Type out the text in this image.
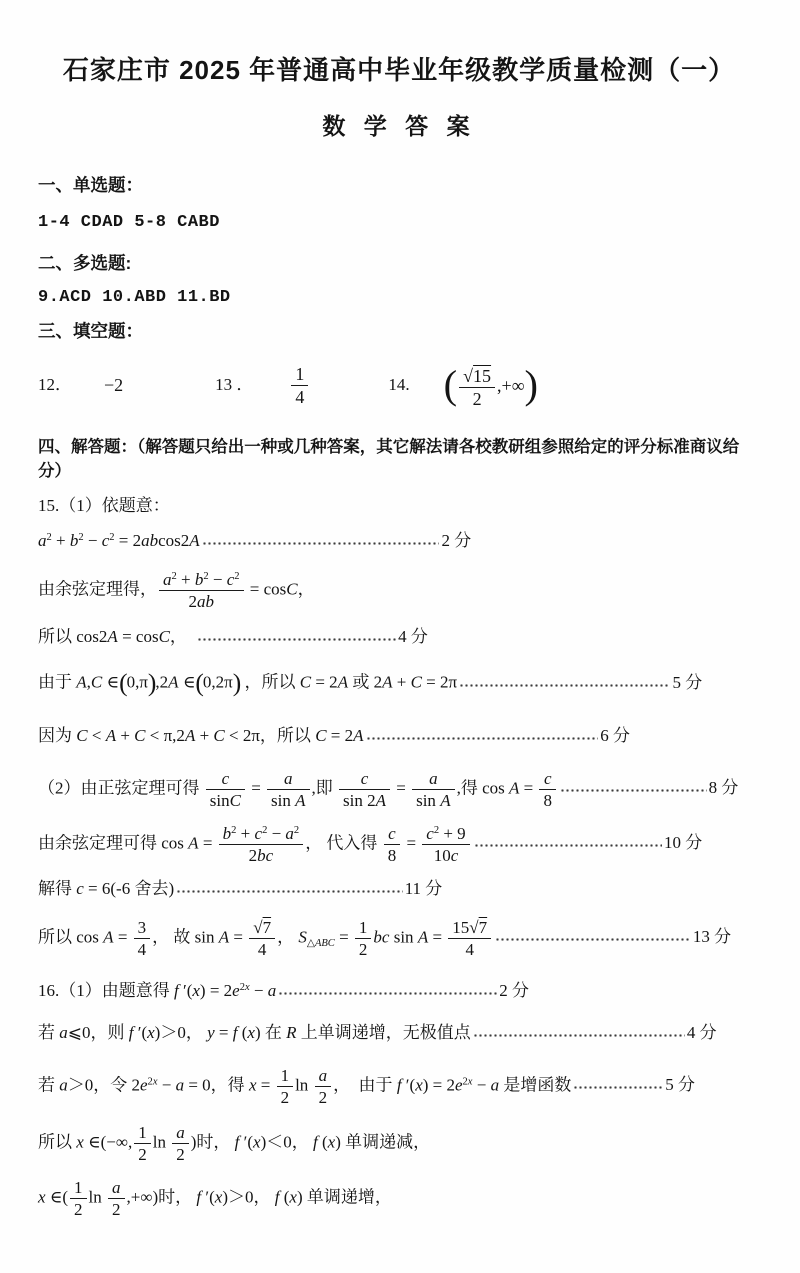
石家庄市 2025 年普通高中毕业年级教学质量检测（一）
数 学 答 案
一、单选题：
1-4 CDAD 5-8 CABD
二、多选题:
9.ACD 10.ABD 11.BD
三、填空题：
12． −2	13 ． $\frac{1}{4}$	14. ( $\frac{√15}{2}$ ,+∞)
四、解答题：（解答题只给出一种或几种答案，其它解法请各校教研组参照给定的评分标准商议给分）
15.（1）依题意：
$a^2 + b^2 - c^2 = 2abcos2A$	2 分
由余弦定理得， $\frac{a^2 + b^2 - c^2}{2ab} = \cos C$，
所以 cos2A = cosC，	4 分
由于 A,C ∈(0,π),2A ∈(0,2π) ，所以 C = 2A 或 2A + C = 2π	5 分
因为 C < A + C < π,2A + C < 2π，所以 C = 2A	6 分
（2）由正弦定理可得 $\frac{c}{\sin C} = \frac{a}{\text{sin A}}$ ,即 $\frac{c}{\sin 2A} = \frac{a}{\text{sin A}}$ ,得 $\cos A = \frac{c}{8}$	8 分
由余弦定理可得 $\cos A = \frac{b^2 + c^2 - a^2}{2bc}$ ， 代入得 $\frac{c}{8} = \frac{c^2 + 9}{10c}$	10 分
解得 c = 6(-6 舍去)	11 分
所以 $\cos A = \frac{3}{4}$ ， 故 $\sin A = \frac{√7}{4}$ ， $S_{\triangle ABC} = \frac{1}{2}$ bc $\sin A = \frac{15√7}{4}$	13 分
16.（1）由题意得 f $'(x) = 2e^{2x} - a$	2 分
若 a⩽0，则 f ′(x)＞0， y = f (x) 在 R 上单调递增，无极值点	4 分
若 a＞0，令 $2e^{2x} - a = 0$，得 $x = \frac{1}{2}$ $\ln \frac{a}{2}$ ，  由于 f $'(x) = 2e^{2x} - a$ 是增函数	5 分
所以 x ∈(−∞, $\frac{1}{2}$ $\ln \frac{a}{2}$ )时， f ′(x)＜0， f (x) 单调递减，
x ∈( $\frac{1}{2}$ $\ln \frac{a}{2}$ ,+∞)时， f ′(x)＞0， f (x) 单调递增，
